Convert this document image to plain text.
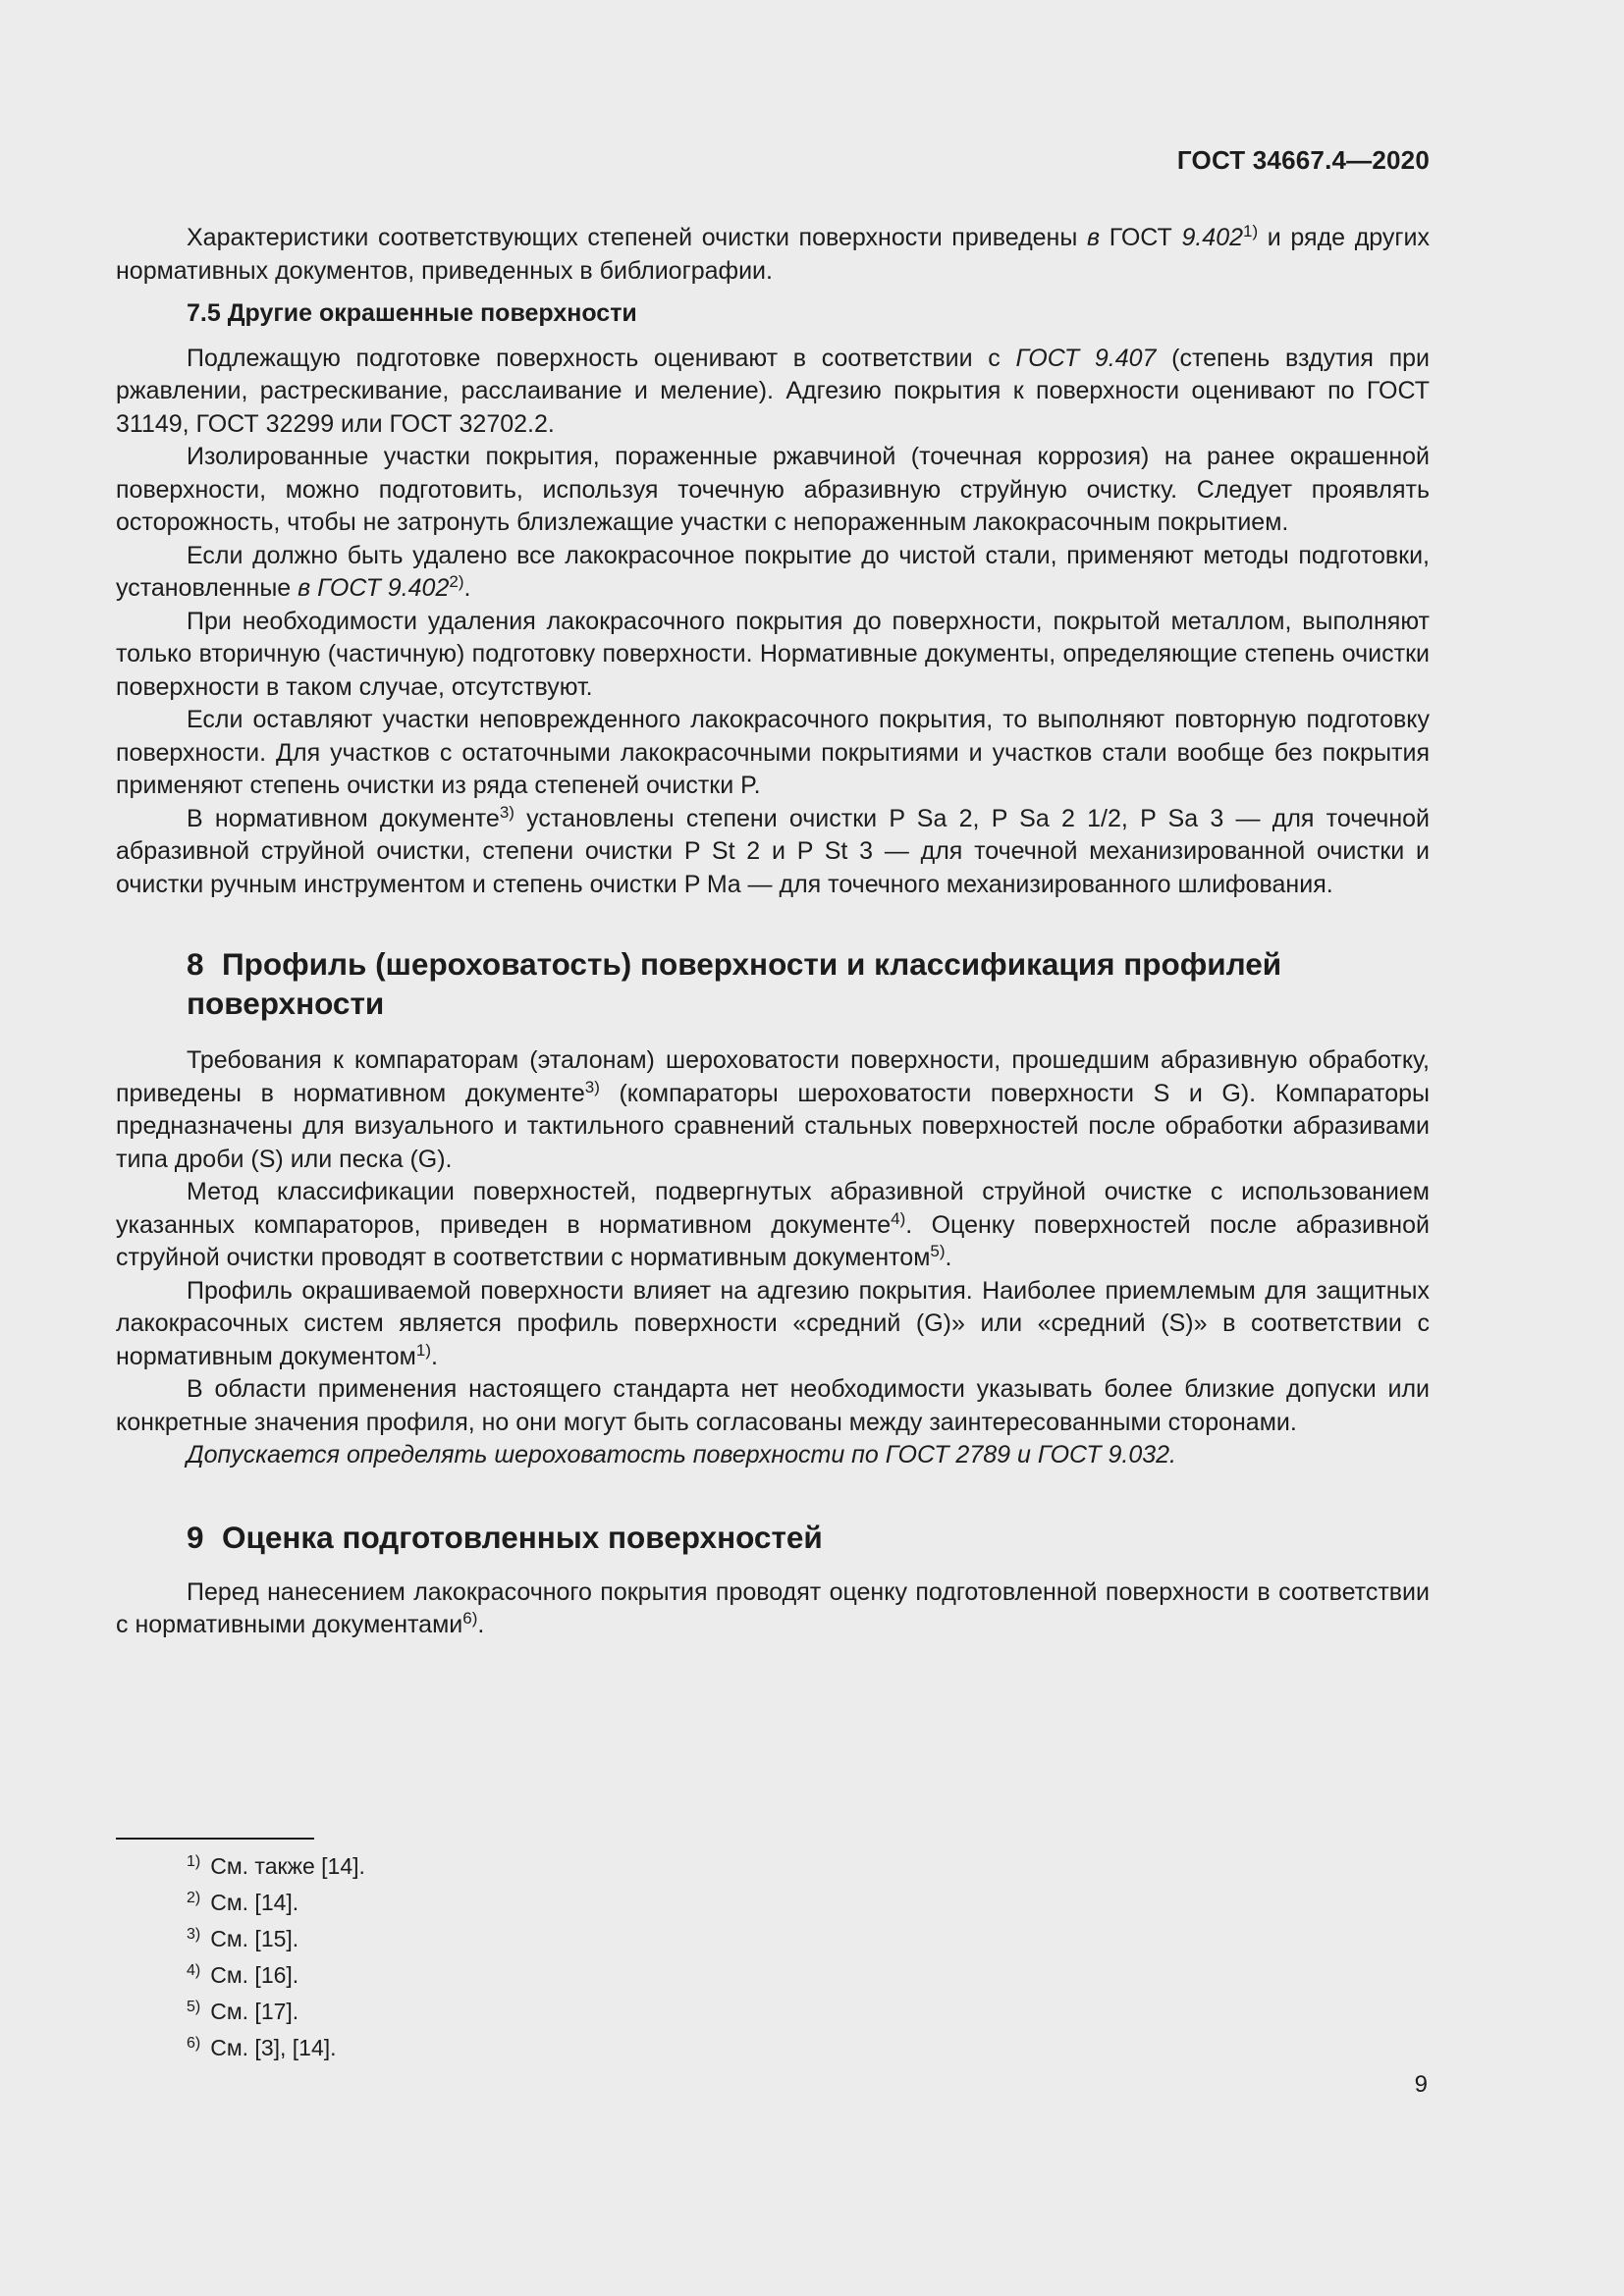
ГОСТ 34667.4—2020

Характеристики соответствующих степеней очистки поверхности приведены в ГОСТ 9.402$^{1)}$ и ряде других нормативных документов, приведенных в библиографии.

7.5 Другие окрашенные поверхности

Подлежащую подготовке поверхность оценивают в соответствии с ГОСТ 9.407 (степень вздутия при ржавлении, растрескивание, расслаивание и меление). Адгезию покрытия к поверхности оценивают по ГОСТ 31149, ГОСТ 32299 или ГОСТ 32702.2.

Изолированные участки покрытия, пораженные ржавчиной (точечная коррозия) на ранее окрашенной поверхности, можно подготовить, используя точечную абразивную струйную очистку. Следует проявлять осторожность, чтобы не затронуть близлежащие участки с непораженным лакокрасочным покрытием.

Если должно быть удалено все лакокрасочное покрытие до чистой стали, применяют методы подготовки, установленные в ГОСТ 9.402$^{2)}$.

При необходимости удаления лакокрасочного покрытия до поверхности, покрытой металлом, выполняют только вторичную (частичную) подготовку поверхности. Нормативные документы, определяющие степень очистки поверхности в таком случае, отсутствуют.

Если оставляют участки неповрежденного лакокрасочного покрытия, то выполняют повторную подготовку поверхности. Для участков с остаточными лакокрасочными покрытиями и участков стали вообще без покрытия применяют степень очистки из ряда степеней очистки P.

В нормативном документе$^{3)}$ установлены степени очистки P Sa 2, P Sa 2 1/2, P Sa 3 — для точечной абразивной струйной очистки, степени очистки P St 2 и P St 3 — для точечной механизированной очистки и очистки ручным инструментом и степень очистки P Ma — для точечного механизированного шлифования.

8 Профиль (шероховатость) поверхности и классификация профилей поверхности

Требования к компараторам (эталонам) шероховатости поверхности, прошедшим абразивную обработку, приведены в нормативном документе$^{3)}$ (компараторы шероховатости поверхности S и G). Компараторы предназначены для визуального и тактильного сравнений стальных поверхностей после обработки абразивами типа дроби (S) или песка (G).

Метод классификации поверхностей, подвергнутых абразивной струйной очистке с использованием указанных компараторов, приведен в нормативном документе$^{4)}$. Оценку поверхностей после абразивной струйной очистки проводят в соответствии с нормативным документом$^{5)}$.

Профиль окрашиваемой поверхности влияет на адгезию покрытия. Наиболее приемлемым для защитных лакокрасочных систем является профиль поверхности «средний (G)» или «средний (S)» в соответствии с нормативным документом$^{1)}$.

В области применения настоящего стандарта нет необходимости указывать более близкие допуски или конкретные значения профиля, но они могут быть согласованы между заинтересованными сторонами.

Допускается определять шероховатость поверхности по ГОСТ 2789 и ГОСТ 9.032.

9 Оценка подготовленных поверхностей

Перед нанесением лакокрасочного покрытия проводят оценку подготовленной поверхности в соответствии с нормативными документами$^{6)}$.

$^{1)}$ См. также [14].
$^{2)}$ См. [14].
$^{3)}$ См. [15].
$^{4)}$ См. [16].
$^{5)}$ См. [17].
$^{6)}$ См. [3], [14].
9
